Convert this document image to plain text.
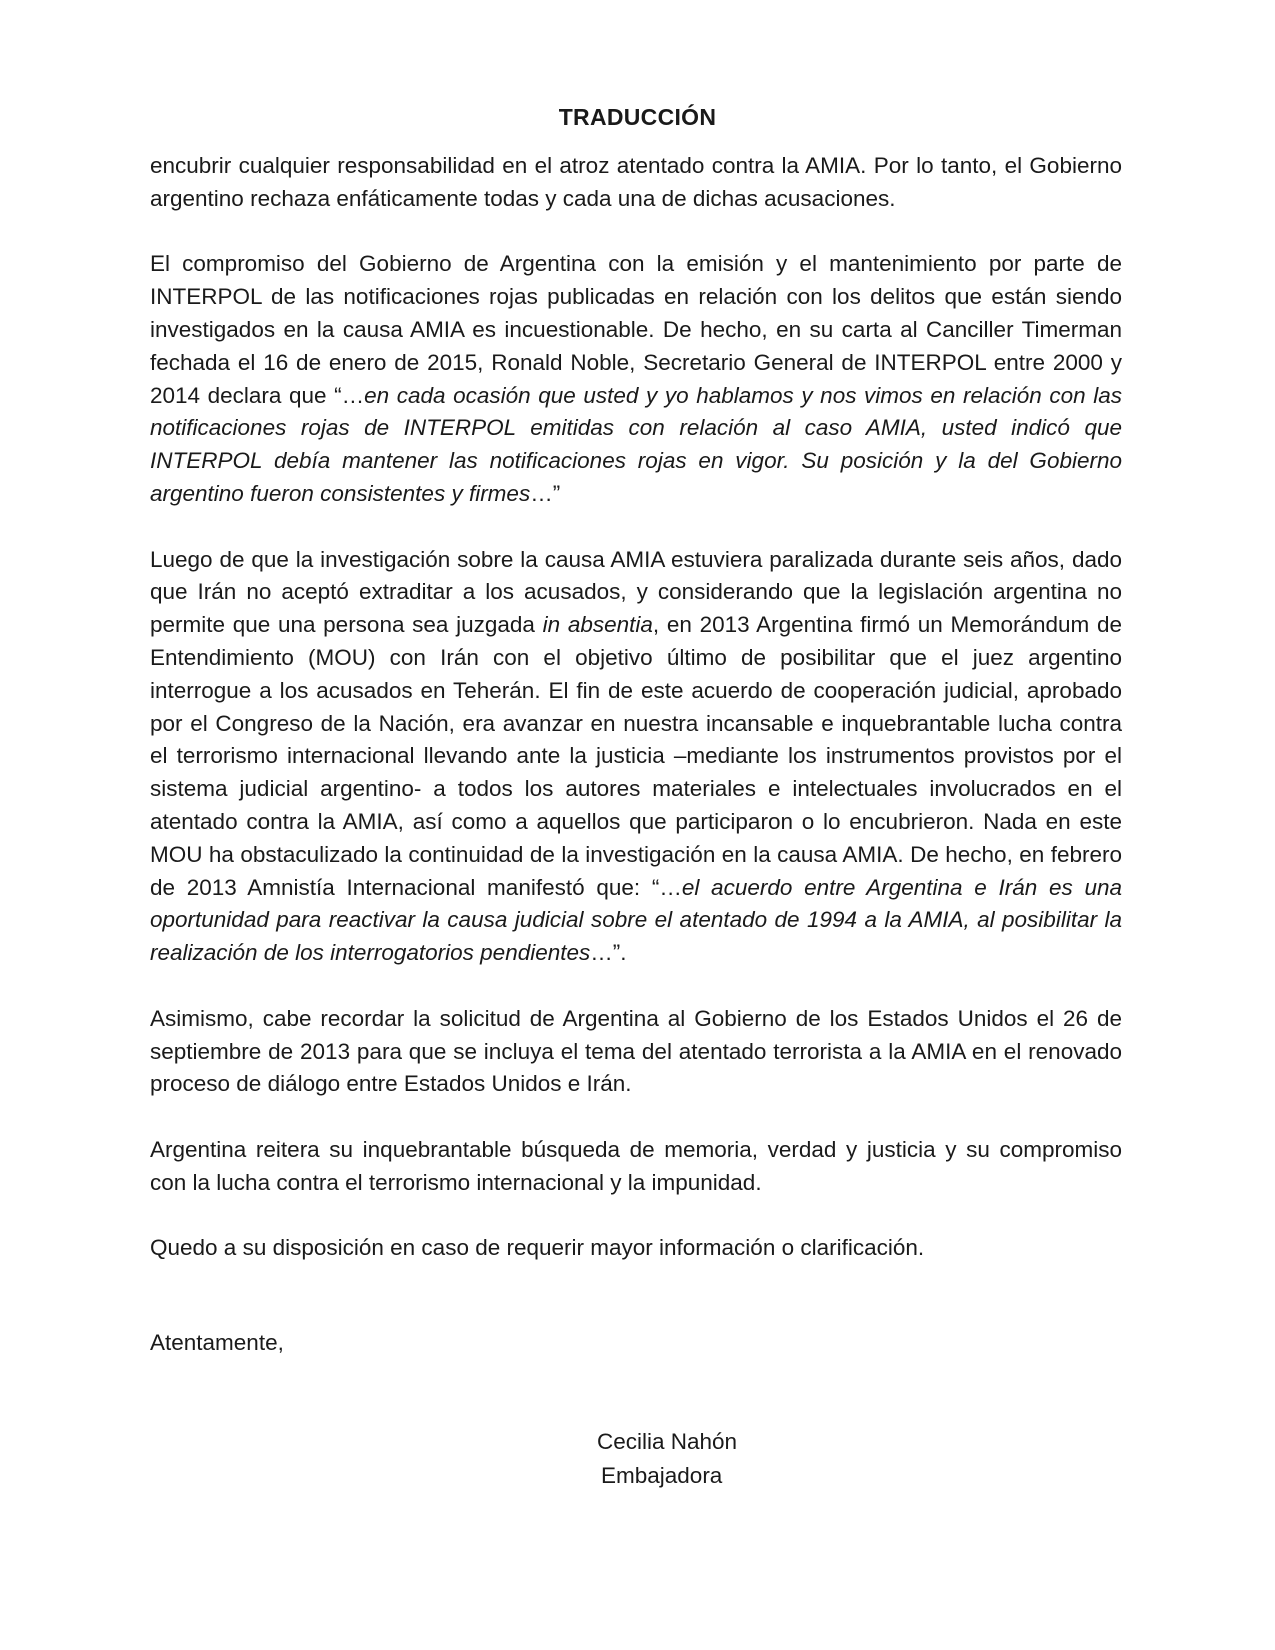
TRADUCCIÓN

encubrir cualquier responsabilidad en el atroz atentado contra la AMIA. Por lo tanto, el Gobierno argentino rechaza enfáticamente todas y cada una de dichas acusaciones.

El compromiso del Gobierno de Argentina con la emisión y el mantenimiento por parte de INTERPOL de las notificaciones rojas publicadas en relación con los delitos que están siendo investigados en la causa AMIA es incuestionable. De hecho, en su carta al Canciller Timerman fechada el 16 de enero de 2015, Ronald Noble, Secretario General de INTERPOL entre 2000 y 2014 declara que “…en cada ocasión que usted y yo hablamos y nos vimos en relación con las notificaciones rojas de INTERPOL emitidas con relación al caso AMIA, usted indicó que INTERPOL debía mantener las notificaciones rojas en vigor. Su posición y la del Gobierno argentino fueron consistentes y firmes…”

Luego de que la investigación sobre la causa AMIA estuviera paralizada durante seis años, dado que Irán no aceptó extraditar a los acusados, y considerando que la legislación argentina no permite que una persona sea juzgada in absentia, en 2013 Argentina firmó un Memorándum de Entendimiento (MOU) con Irán con el objetivo último de posibilitar que el juez argentino interrogue a los acusados en Teherán. El fin de este acuerdo de cooperación judicial, aprobado por el Congreso de la Nación, era avanzar en nuestra incansable e inquebrantable lucha contra el terrorismo internacional llevando ante la justicia –mediante los instrumentos provistos por el sistema judicial argentino- a todos los autores materiales e intelectuales involucrados en el atentado contra la AMIA, así como a aquellos que participaron o lo encubrieron. Nada en este MOU ha obstaculizado la continuidad de la investigación en la causa AMIA. De hecho, en febrero de 2013 Amnistía Internacional manifestó que: “…el acuerdo entre Argentina e Irán es una oportunidad para reactivar la causa judicial sobre el atentado de 1994 a la AMIA, al posibilitar la realización de los interrogatorios pendientes…”.

Asimismo, cabe recordar la solicitud de Argentina al Gobierno de los Estados Unidos el 26 de septiembre de 2013 para que se incluya el tema del atentado terrorista a la AMIA en el renovado proceso de diálogo entre Estados Unidos e Irán.

Argentina reitera su inquebrantable búsqueda de memoria, verdad y justicia y su compromiso con la lucha contra el terrorismo internacional y la impunidad.

Quedo a su disposición en caso de requerir mayor información o clarificación.

Atentamente,

Cecilia Nahón
Embajadora
